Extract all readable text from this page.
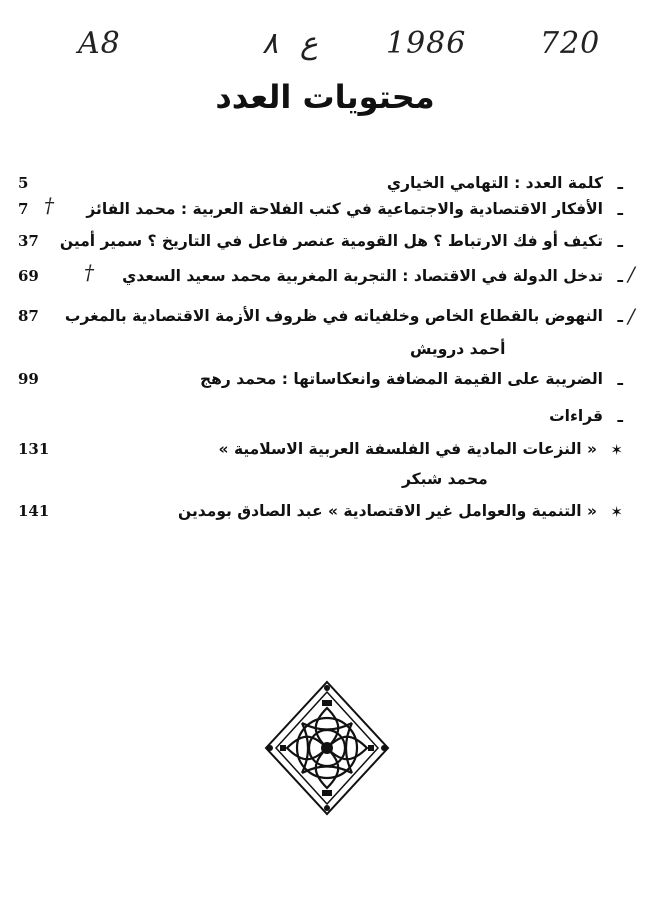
A8	٨ ع 1986 720
محتويات العدد
ـ
كلمة العدد : التهامي الخياري
5
ـ
الأفكار الاقتصادية والاجتماعية في كتب الفلاحة العربية : محمد الفائز
7 †
ـ
تكيف أو فك الارتباط ؟ هل القومية عنصر فاعل في التاريخ ؟ سمير أمين
37
ـ
تدخل الدولة في الاقتصاد : التجربة المغربية محمد سعيد السعدي
69 †	/
ـ
النهوض بالقطاع الخاص وخلفياته في ظروف الأزمة الاقتصادية بالمغرب
87	/
أحمد درويش
ـ
الضريبة على القيمة المضافة وانعكاساتها : محمد رهج
99
ـ
قراءات
✶
« النزعات المادية في الفلسفة العربية الاسلامية »
131
محمد شبكر
✶
« التنمية والعوامل غير الاقتصادية » عبد الصادق بومدين
141
